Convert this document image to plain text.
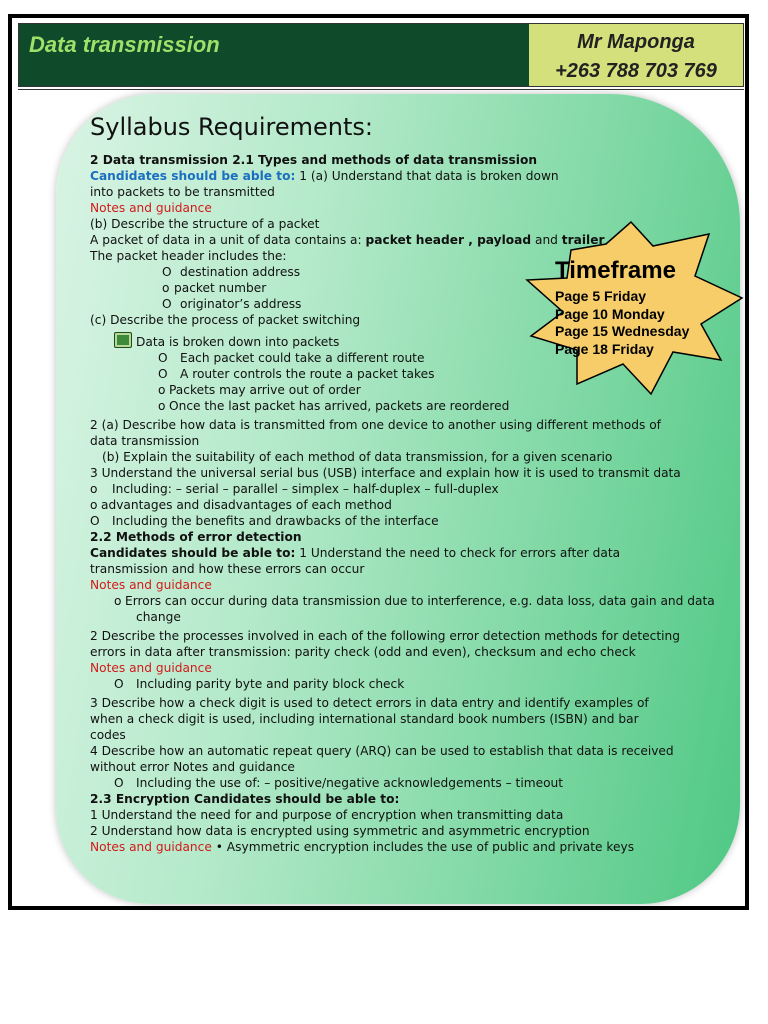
Data transmission	Mr Maponga
+263 788 703 769
Syllabus Requirements:

2 Data transmission 2.1 Types and methods of data transmission

Candidates should be able to: 1 (a) Understand that data is broken down

into packets to be transmitted

Notes and guidance

(b) Describe the structure of a packet

A packet of data in a unit of data contains a: packet header , payload and trailer

The packet header includes the:

O destination address

o packet number

O originator’s address

(c) Describe the process of packet switching

Data is broken down into packets

O Each packet could take a different route

O A router controls the route a packet takes

o Packets may arrive out of order

o Once the last packet has arrived, packets are reordered

2 (a) Describe how data is transmitted from one device to another using different methods of

data transmission

(b) Explain the suitability of each method of data transmission, for a given scenario

3 Understand the universal serial bus (USB) interface and explain how it is used to transmit data

o Including: – serial – parallel – simplex – half-duplex – full-duplex

o advantages and disadvantages of each method

O Including the benefits and drawbacks of the interface

2.2 Methods of error detection

Candidates should be able to: 1 Understand the need to check for errors after data

transmission and how these errors can occur

Notes and guidance

o Errors can occur during data transmission due to interference, e.g. data loss, data gain and data

change

2 Describe the processes involved in each of the following error detection methods for detecting

errors in data after transmission: parity check (odd and even), checksum and echo check

Notes and guidance

O Including parity byte and parity block check

3 Describe how a check digit is used to detect errors in data entry and identify examples of

when a check digit is used, including international standard book numbers (ISBN) and bar

codes

4 Describe how an automatic repeat query (ARQ) can be used to establish that data is received

without error Notes and guidance

O Including the use of: – positive/negative acknowledgements – timeout

2.3 Encryption Candidates should be able to:

1 Understand the need for and purpose of encryption when transmitting data

2 Understand how data is encrypted using symmetric and asymmetric encryption

Notes and guidance • Asymmetric encryption includes the use of public and private keys

Timeframe
Page 5 Friday
Page 10 Monday
Page 15 Wednesday
Page 18 Friday
